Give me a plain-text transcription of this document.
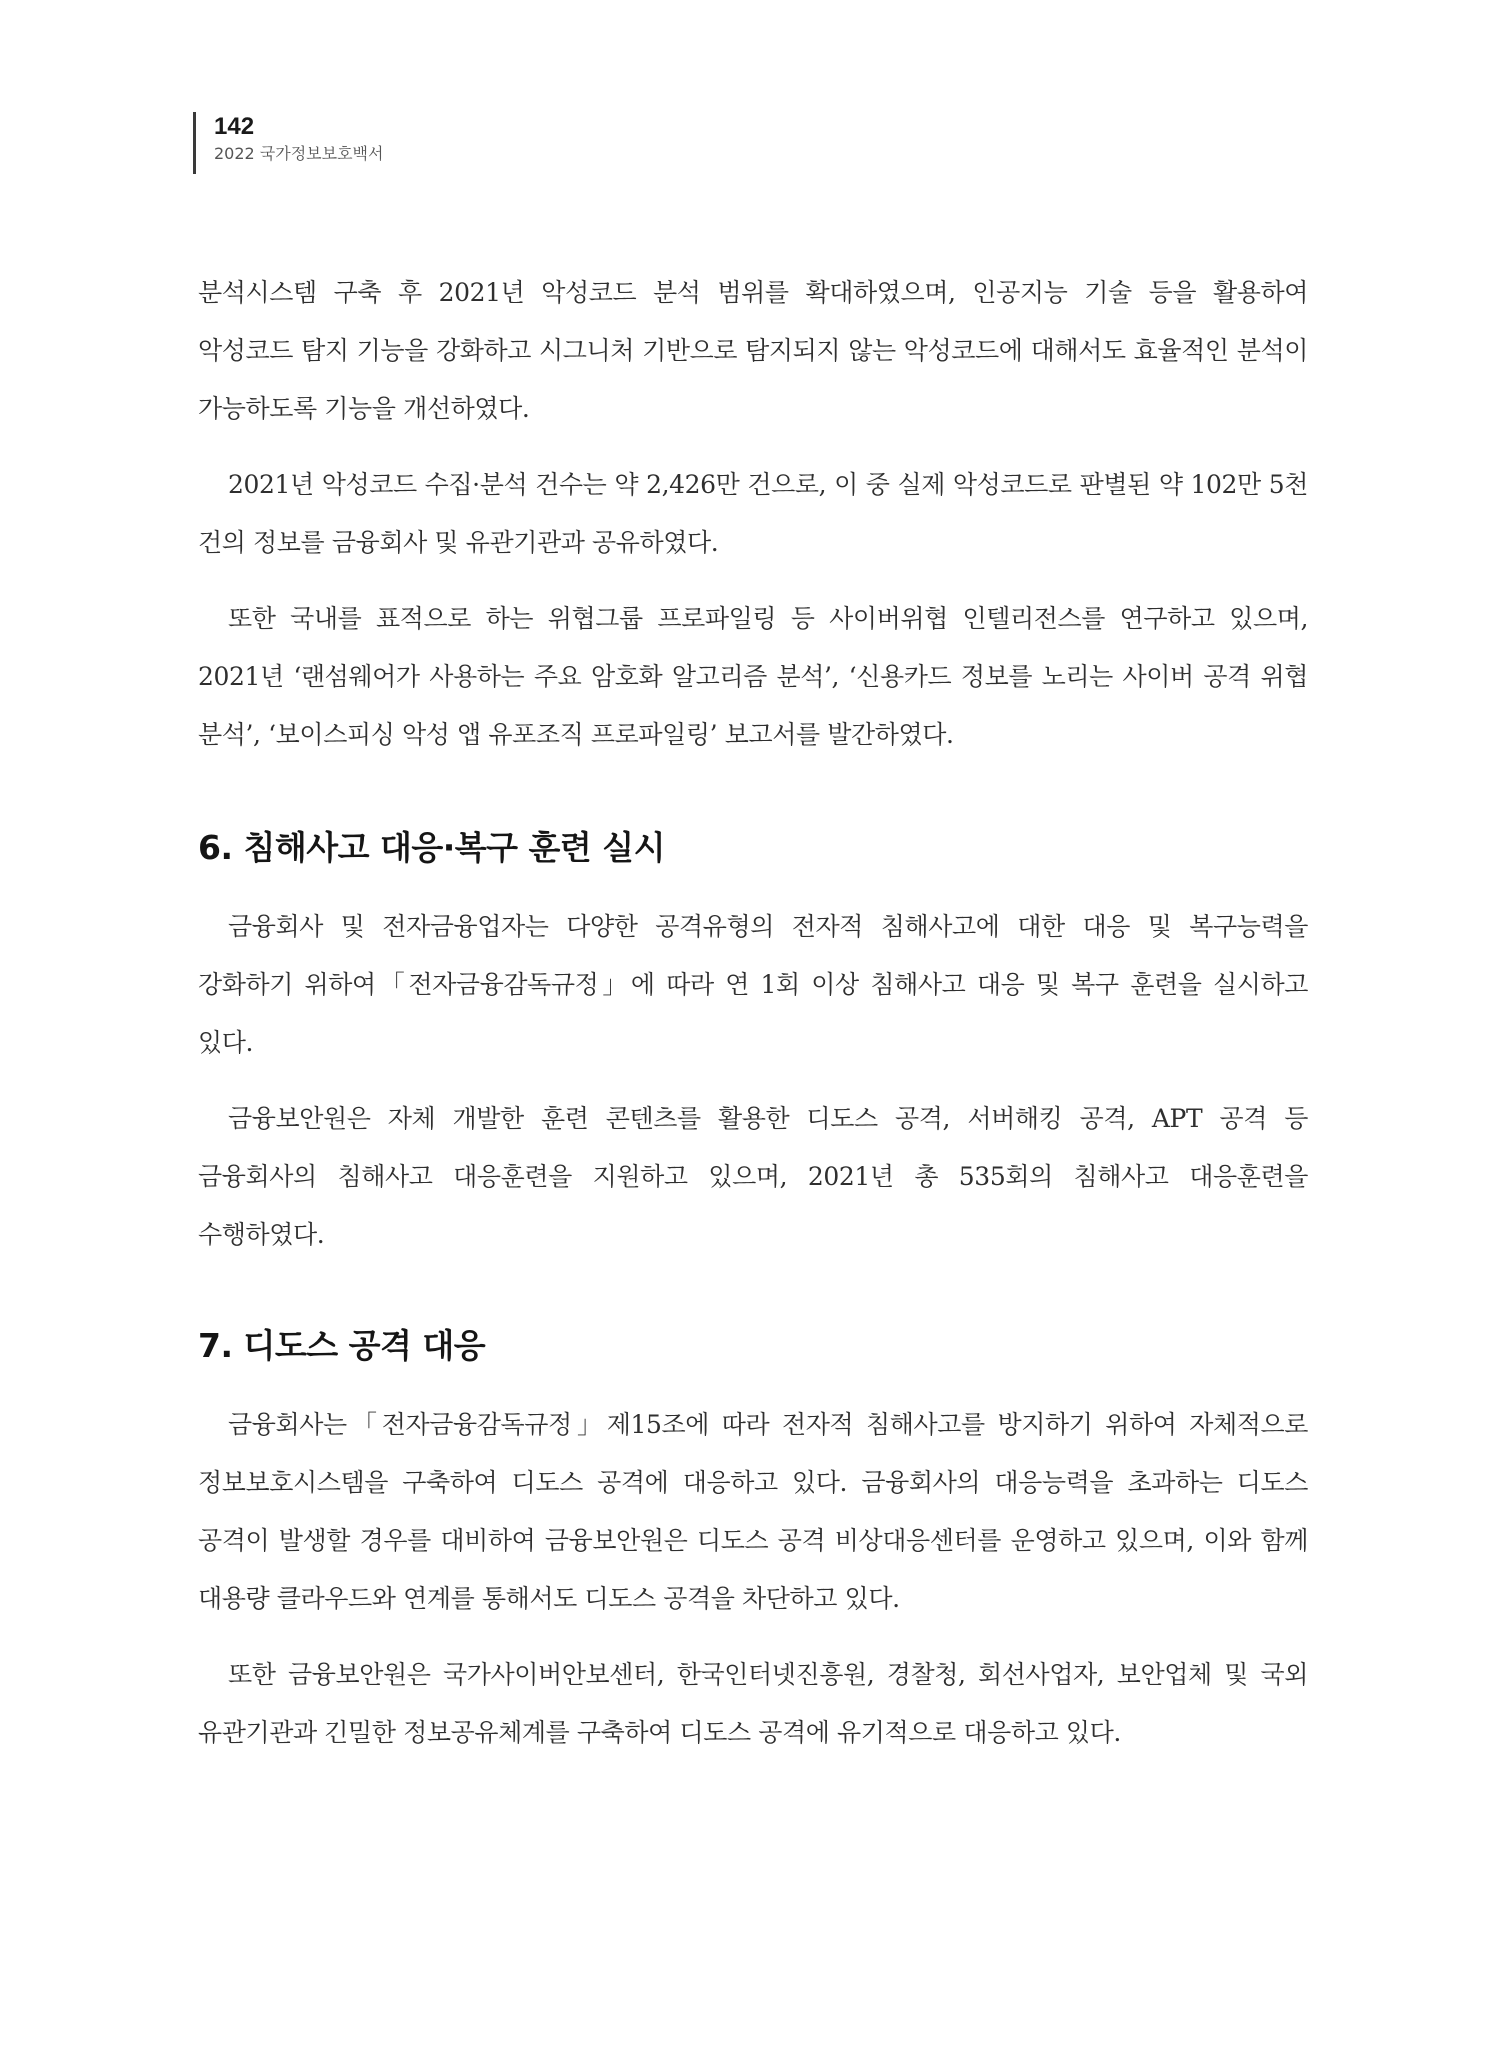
142
2022 국가정보보호백서

분석시스템 구축 후 2021년 악성코드 분석 범위를 확대하였으며, 인공지능 기술 등을 활용하여 악성코드 탐지 기능을 강화하고 시그니처 기반으로 탐지되지 않는 악성코드에 대해서도 효율적인 분석이 가능하도록 기능을 개선하였다.

2021년 악성코드 수집·분석 건수는 약 2,426만 건으로, 이 중 실제 악성코드로 판별된 약 102만 5천 건의 정보를 금융회사 및 유관기관과 공유하였다.

또한 국내를 표적으로 하는 위협그룹 프로파일링 등 사이버위협 인텔리전스를 연구하고 있으며, 2021년 ‘랜섬웨어가 사용하는 주요 암호화 알고리즘 분석’, ‘신용카드 정보를 노리는 사이버 공격 위협 분석’, ‘보이스피싱 악성 앱 유포조직 프로파일링’ 보고서를 발간하였다.

6. 침해사고 대응·복구 훈련 실시

금융회사 및 전자금융업자는 다양한 공격유형의 전자적 침해사고에 대한 대응 및 복구능력을 강화하기 위하여「전자금융감독규정」에 따라 연 1회 이상 침해사고 대응 및 복구 훈련을 실시하고 있다.

금융보안원은 자체 개발한 훈련 콘텐츠를 활용한 디도스 공격, 서버해킹 공격, APT 공격 등 금융회사의 침해사고 대응훈련을 지원하고 있으며, 2021년 총 535회의 침해사고 대응훈련을 수행하였다.

7. 디도스 공격 대응

금융회사는「전자금융감독규정」제15조에 따라 전자적 침해사고를 방지하기 위하여 자체적으로 정보보호시스템을 구축하여 디도스 공격에 대응하고 있다. 금융회사의 대응능력을 초과하는 디도스 공격이 발생할 경우를 대비하여 금융보안원은 디도스 공격 비상대응센터를 운영하고 있으며, 이와 함께 대용량 클라우드와 연계를 통해서도 디도스 공격을 차단하고 있다.

또한 금융보안원은 국가사이버안보센터, 한국인터넷진흥원, 경찰청, 회선사업자, 보안업체 및 국외 유관기관과 긴밀한 정보공유체계를 구축하여 디도스 공격에 유기적으로 대응하고 있다.
